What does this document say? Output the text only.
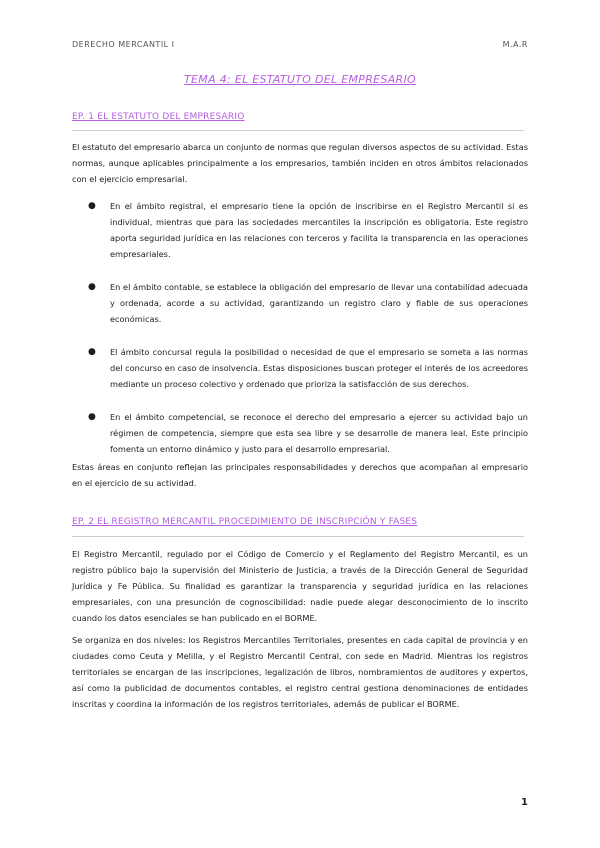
DERECHO MERCANTIL I	M.A.R
TEMA 4: EL ESTATUTO DEL EMPRESARIO
EP. 1 EL ESTATUTO DEL EMPRESARIO

El estatuto del empresario abarca un conjunto de normas que regulan diversos aspectos de su actividad. Estas normas, aunque aplicables principalmente a los empresarios, también inciden en otros ámbitos relacionados con el ejercicio empresarial.

● En el ámbito registral, el empresario tiene la opción de inscribirse en el Registro Mercantil si es individual, mientras que para las sociedades mercantiles la inscripción es obligatoria. Este registro aporta seguridad jurídica en las relaciones con terceros y facilita la transparencia en las operaciones empresariales.
● En el ámbito contable, se establece la obligación del empresario de llevar una contabilidad adecuada y ordenada, acorde a su actividad, garantizando un registro claro y fiable de sus operaciones económicas.
● El ámbito concursal regula la posibilidad o necesidad de que el empresario se someta a las normas del concurso en caso de insolvencia. Estas disposiciones buscan proteger el interés de los acreedores mediante un proceso colectivo y ordenado que prioriza la satisfacción de sus derechos.
● En el ámbito competencial, se reconoce el derecho del empresario a ejercer su actividad bajo un régimen de competencia, siempre que esta sea libre y se desarrolle de manera leal. Este principio fomenta un entorno dinámico y justo para el desarrollo empresarial.

Estas áreas en conjunto reflejan las principales responsabilidades y derechos que acompañan al empresario en el ejercicio de su actividad.

EP. 2 EL REGISTRO MERCANTIL PROCEDIMIENTO DE INSCRIPCIÓN Y FASES

El Registro Mercantil, regulado por el Código de Comercio y el Reglamento del Registro Mercantil, es un registro público bajo la supervisión del Ministerio de Justicia, a través de la Dirección General de Seguridad Jurídica y Fe Pública. Su finalidad es garantizar la transparencia y seguridad jurídica en las relaciones empresariales, con una presunción de cognoscibilidad: nadie puede alegar desconocimiento de lo inscrito cuando los datos esenciales se han publicado en el BORME.

Se organiza en dos niveles: los Registros Mercantiles Territoriales, presentes en cada capital de provincia y en ciudades como Ceuta y Melilla, y el Registro Mercantil Central, con sede en Madrid. Mientras los registros territoriales se encargan de las inscripciones, legalización de libros, nombramientos de auditores y expertos, así como la publicidad de documentos contables, el registro central gestiona denominaciones de entidades inscritas y coordina la información de los registros territoriales, además de publicar el BORME.

1
